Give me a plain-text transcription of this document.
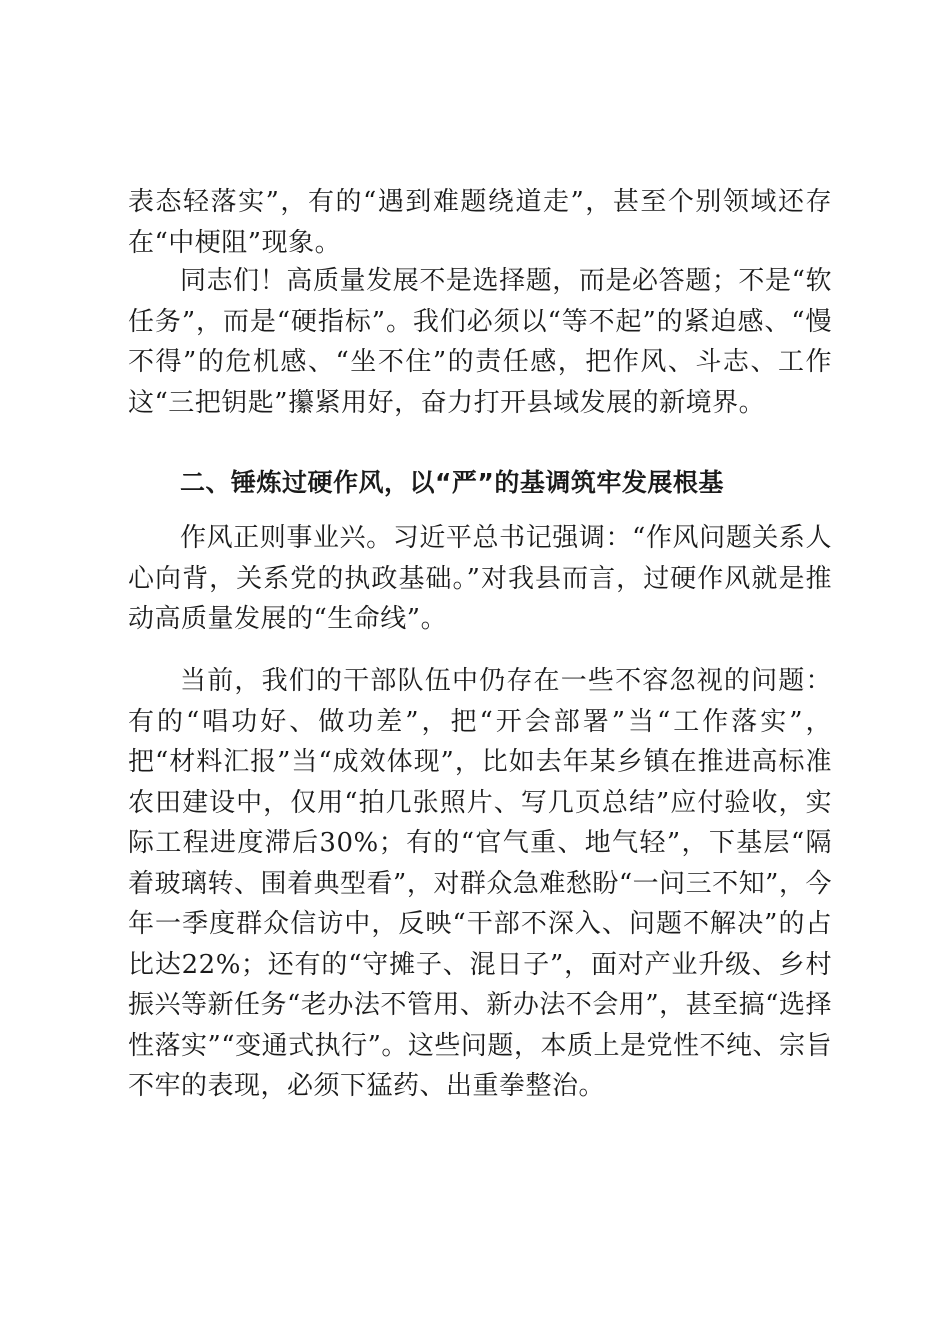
表态轻落实”，有的“遇到难题绕道走”，甚至个别领域还存在“中梗阻”现象。

同志们！高质量发展不是选择题，而是必答题；不是“软任务”，而是“硬指标”。我们必须以“等不起”的紧迫感、“慢不得”的危机感、“坐不住”的责任感，把作风、斗志、工作这“三把钥匙”攥紧用好，奋力打开县域发展的新境界。

二、锤炼过硬作风，以“严”的基调筑牢发展根基

作风正则事业兴。习近平总书记强调：“作风问题关系人心向背，关系党的执政基础。”对我县而言，过硬作风就是推动高质量发展的“生命线”。

当前，我们的干部队伍中仍存在一些不容忽视的问题：有的“唱功好、做功差”，把“开会部署”当“工作落实”，把“材料汇报”当“成效体现”，比如去年某乡镇在推进高标准农田建设中，仅用“拍几张照片、写几页总结”应付验收，实际工程进度滞后30%；有的“官气重、地气轻”，下基层“隔着玻璃转、围着典型看”，对群众急难愁盼“一问三不知”，今年一季度群众信访中，反映“干部不深入、问题不解决”的占比达22%；还有的“守摊子、混日子”，面对产业升级、乡村振兴等新任务“老办法不管用、新办法不会用”，甚至搞“选择性落实”“变通式执行”。这些问题，本质上是党性不纯、宗旨不牢的表现，必须下猛药、出重拳整治。
